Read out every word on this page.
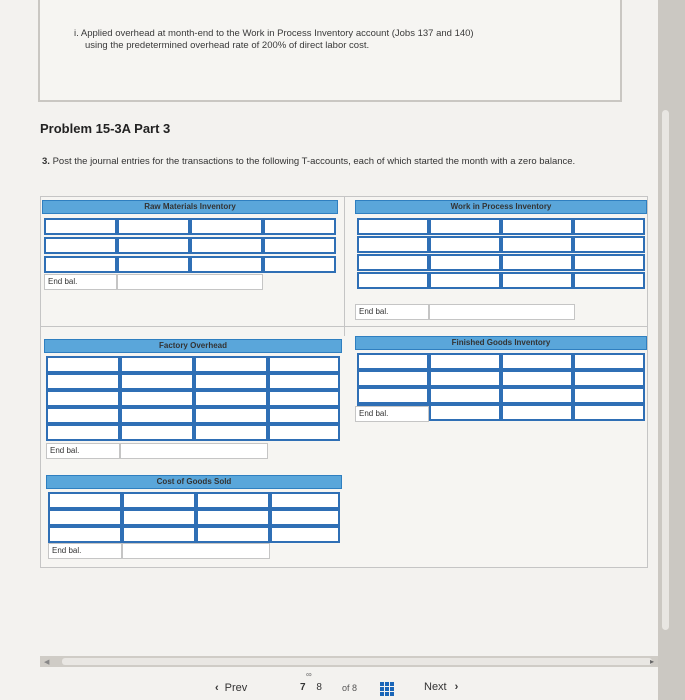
i. Applied overhead at month-end to the Work in Process Inventory account (Jobs 137 and 140)
using the predetermined overhead rate of 200% of direct labor cost.
Problem 15-3A Part 3
3. Post the journal entries for the transactions to the following T-accounts, each of which started the month with a zero balance.
Raw Materials Inventory
End bal.
Work in Process Inventory
End bal.
Factory Overhead
End bal.
Finished Goods Inventory
End bal.
Cost of Goods Sold
End bal.
◀	▸
‹ Prev
∞
7 8 of 8	Next ›
